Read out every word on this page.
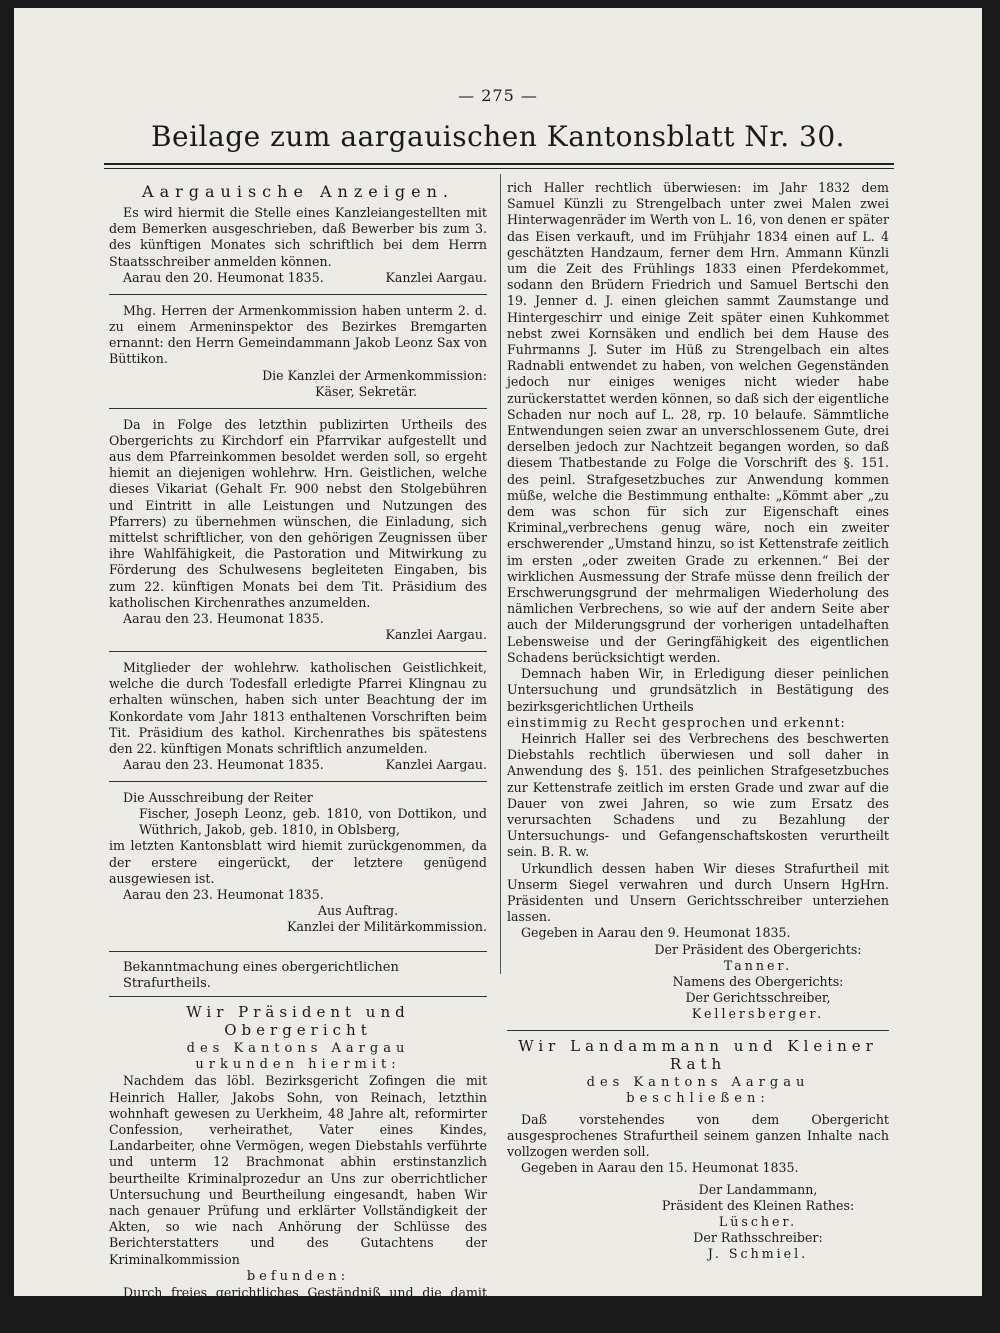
— 275 —
Beilage zum aargauischen Kantonsblatt Nr. 30.
Aargauische Anzeigen.

Es wird hiermit die Stelle eines Kanzleiangestellten mit dem Bemerken ausgeschrieben, daß Bewerber bis zum 3. des künftigen Monates sich schriftlich bei dem Herrn Staatsschreiber anmelden können.

Aarau den 20. Heumonat 1835.	Kanzlei Aargau.

Mhg. Herren der Armenkommission haben unterm 2. d. zu einem Armeninspektor des Bezirkes Bremgarten ernannt: den Herrn Gemeindammann Jakob Leonz Sax von Büttikon.

Die Kanzlei der Armenkommission:
Käser, Sekretär.

Da in Folge des letzthin publizirten Urtheils des Obergerichts zu Kirchdorf ein Pfarrvikar aufgestellt und aus dem Pfarreinkommen besoldet werden soll, so ergeht hiemit an diejenigen wohlehrw. Hrn. Geistlichen, welche dieses Vikariat (Gehalt Fr. 900 nebst den Stolgebühren und Eintritt in alle Leistungen und Nutzungen des Pfarrers) zu übernehmen wünschen, die Einladung, sich mittelst schriftlicher, von den gehörigen Zeugnissen über ihre Wahlfähigkeit, die Pastoration und Mitwirkung zu Förderung des Schulwesens begleiteten Eingaben, bis zum 22. künftigen Monats bei dem Tit. Präsidium des katholischen Kirchenrathes anzumelden.

Aarau den 23. Heumonat 1835.
Kanzlei Aargau.

Mitglieder der wohlehrw. katholischen Geistlichkeit, welche die durch Todesfall erledigte Pfarrei Klingnau zu erhalten wünschen, haben sich unter Beachtung der im Konkordate vom Jahr 1813 enthaltenen Vorschriften beim Tit. Präsidium des kathol. Kirchenrathes bis spätestens den 22. künftigen Monats schriftlich anzumelden.

Aarau den 23. Heumonat 1835.	Kanzlei Aargau.

Die Ausschreibung der Reiter

Fischer, Joseph Leonz, geb. 1810, von Dottikon, und Wüthrich, Jakob, geb. 1810, in Oblsberg,

im letzten Kantonsblatt wird hiemit zurückgenommen, da der erstere eingerückt, der letztere genügend ausgewiesen ist.

Aarau den 23. Heumonat 1835.

Aus Auftrag.
Kanzlei der Militärkommission.
Bekanntmachung eines obergerichtlichen Strafurtheils.
Wir Präsident und Obergericht
des Kantons Aargau
urkunden hiermit:

Nachdem das löbl. Bezirksgericht Zofingen die mit Heinrich Haller, Jakobs Sohn, von Reinach, letzthin wohnhaft gewesen zu Uerkheim, 48 Jahre alt, reformirter Confession, verheirathet, Vater eines Kindes, Landarbeiter, ohne Vermögen, wegen Diebstahls verführte und unterm 12 Brachmonat abhin erstinstanzlich beurtheilte Kriminalprozedur an Uns zur oberrichtlicher Untersuchung und Beurtheilung eingesandt, haben Wir nach genauer Prüfung und erklärter Vollständigkeit der Akten, so wie nach Anhörung der Schlüsse des Berichterstatters und des Gutachtens der Kriminalkommission

befunden:

Durch freies gerichtliches Geständniß und die damit übereinstimmenden prozedürlich erhobenen Thatumstände sei Hein-

rich Haller rechtlich überwiesen: im Jahr 1832 dem Samuel Künzli zu Strengelbach unter zwei Malen zwei Hinterwagenräder im Werth von L. 16, von denen er später das Eisen verkauft, und im Frühjahr 1834 einen auf L. 4 geschätzten Handzaum, ferner dem Hrn. Ammann Künzli um die Zeit des Frühlings 1833 einen Pferdekommet, sodann den Brüdern Friedrich und Samuel Bertschi den 19. Jenner d. J. einen gleichen sammt Zaumstange und Hintergeschirr und einige Zeit später einen Kuhkommet nebst zwei Kornsäken und endlich bei dem Hause des Fuhrmanns J. Suter im Hüß zu Strengelbach ein altes Radnabli entwendet zu haben, von welchen Gegenständen jedoch nur einiges weniges nicht wieder habe zurückerstattet werden können, so daß sich der eigentliche Schaden nur noch auf L. 28, rp. 10 belaufe. Sämmtliche Entwendungen seien zwar an unverschlossenem Gute, drei derselben jedoch zur Nachtzeit begangen worden, so daß diesem Thatbestande zu Folge die Vorschrift des §. 151. des peinl. Strafgesetzbuches zur Anwendung kommen müße, welche die Bestimmung enthalte: „Kömmt aber „zu dem was schon für sich zur Eigenschaft eines Kriminal„verbrechens genug wäre, noch ein zweiter erschwerender „Umstand hinzu, so ist Kettenstrafe zeitlich im ersten „oder zweiten Grade zu erkennen.“ Bei der wirklichen Ausmessung der Strafe müsse denn freilich der Erschwerungsgrund der mehrmaligen Wiederholung des nämlichen Verbrechens, so wie auf der andern Seite aber auch der Milderungsgrund der vorherigen untadelhaften Lebensweise und der Geringfähigkeit des eigentlichen Schadens berücksichtigt werden.

Demnach haben Wir, in Erledigung dieser peinlichen Untersuchung und grundsätzlich in Bestätigung des bezirksgerichtlichen Urtheils

einstimmig zu Recht gesprochen und erkennt:

Heinrich Haller sei des Verbrechens des beschwerten Diebstahls rechtlich überwiesen und soll daher in Anwendung des §. 151. des peinlichen Strafgesetzbuches zur Kettenstrafe zeitlich im ersten Grade und zwar auf die Dauer von zwei Jahren, so wie zum Ersatz des verursachten Schadens und zu Bezahlung der Untersuchungs- und Gefangenschaftskosten verurtheilt sein. B. R. w.

Urkundlich dessen haben Wir dieses Strafurtheil mit Unserm Siegel verwahren und durch Unsern HgHrn. Präsidenten und Unsern Gerichtsschreiber unterziehen lassen.

Gegeben in Aarau den 9. Heumonat 1835.

Der Präsident des Obergerichts:
Tanner.
Namens des Obergerichts:
Der Gerichtsschreiber,
Kellersberger.
Wir Landammann und Kleiner Rath
des Kantons Aargau
beschließen:

Daß vorstehendes von dem Obergericht ausgesprochenes Strafurtheil seinem ganzen Inhalte nach vollzogen werden soll.

Gegeben in Aarau den 15. Heumonat 1835.

Der Landammann,
Präsident des Kleinen Rathes:
Lüscher.
Der Rathsschreiber:
J. Schmiel.
